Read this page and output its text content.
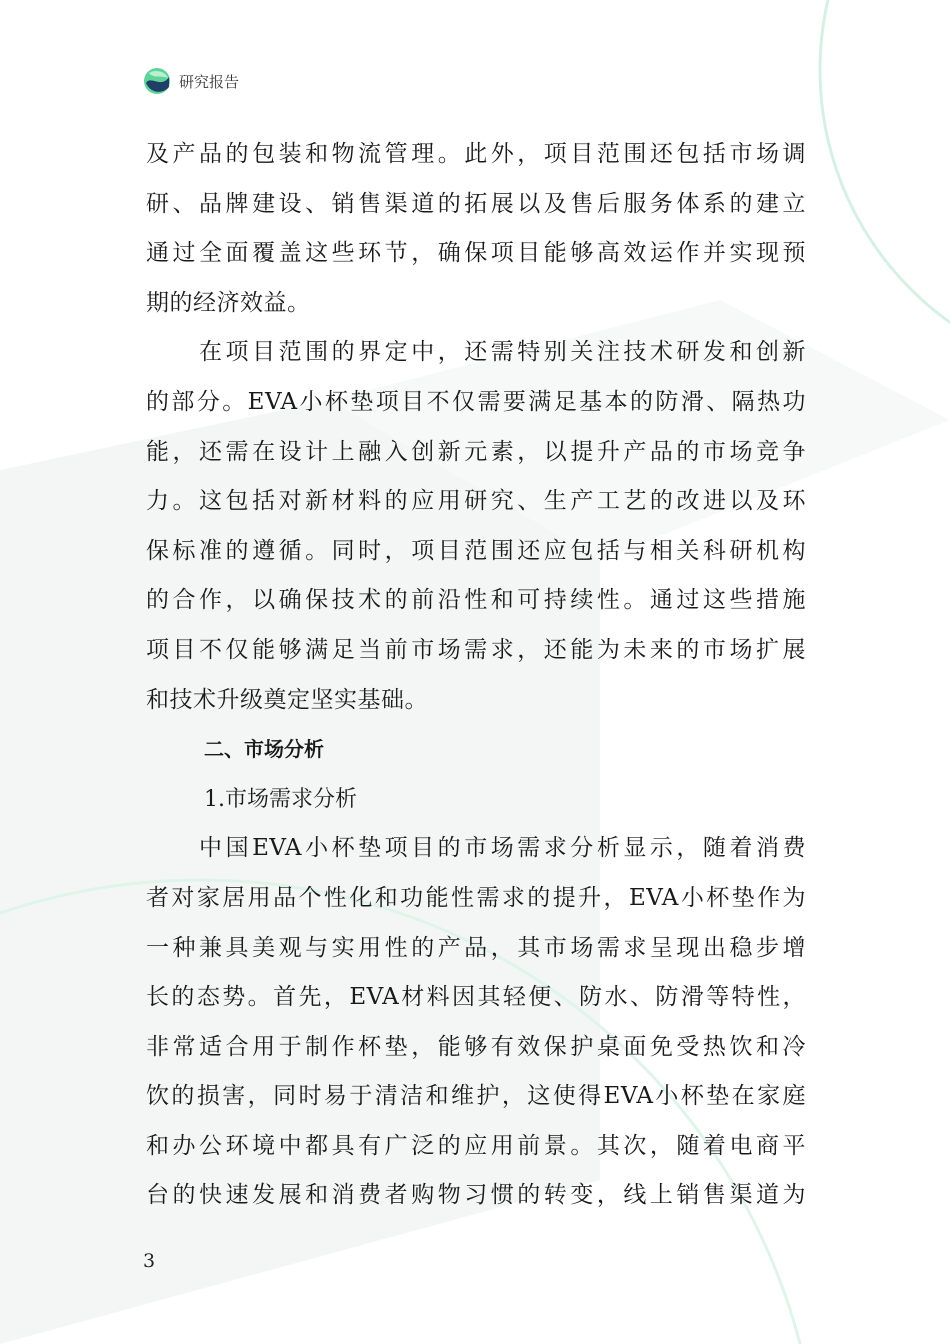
研究报告

及产品的包装和物流管理。此外，项目范围还包括市场调
研、品牌建设、销售渠道的拓展以及售后服务体系的建立
通过全面覆盖这些环节，确保项目能够高效运作并实现预
期的经济效益。

　　在项目范围的界定中，还需特别关注技术研发和创新
的部分。EVA小杯垫项目不仅需要满足基本的防滑、隔热功
能，还需在设计上融入创新元素，以提升产品的市场竞争
力。这包括对新材料的应用研究、生产工艺的改进以及环
保标准的遵循。同时，项目范围还应包括与相关科研机构
的合作，以确保技术的前沿性和可持续性。通过这些措施
项目不仅能够满足当前市场需求，还能为未来的市场扩展
和技术升级奠定坚实基础。

二、市场分析

1.市场需求分析

　　中国EVA小杯垫项目的市场需求分析显示，随着消费
者对家居用品个性化和功能性需求的提升，EVA小杯垫作为
一种兼具美观与实用性的产品，其市场需求呈现出稳步增
长的态势。首先，EVA材料因其轻便、防水、防滑等特性，
非常适合用于制作杯垫，能够有效保护桌面免受热饮和冷
饮的损害，同时易于清洁和维护，这使得EVA小杯垫在家庭
和办公环境中都具有广泛的应用前景。其次，随着电商平
台的快速发展和消费者购物习惯的转变，线上销售渠道为

3
